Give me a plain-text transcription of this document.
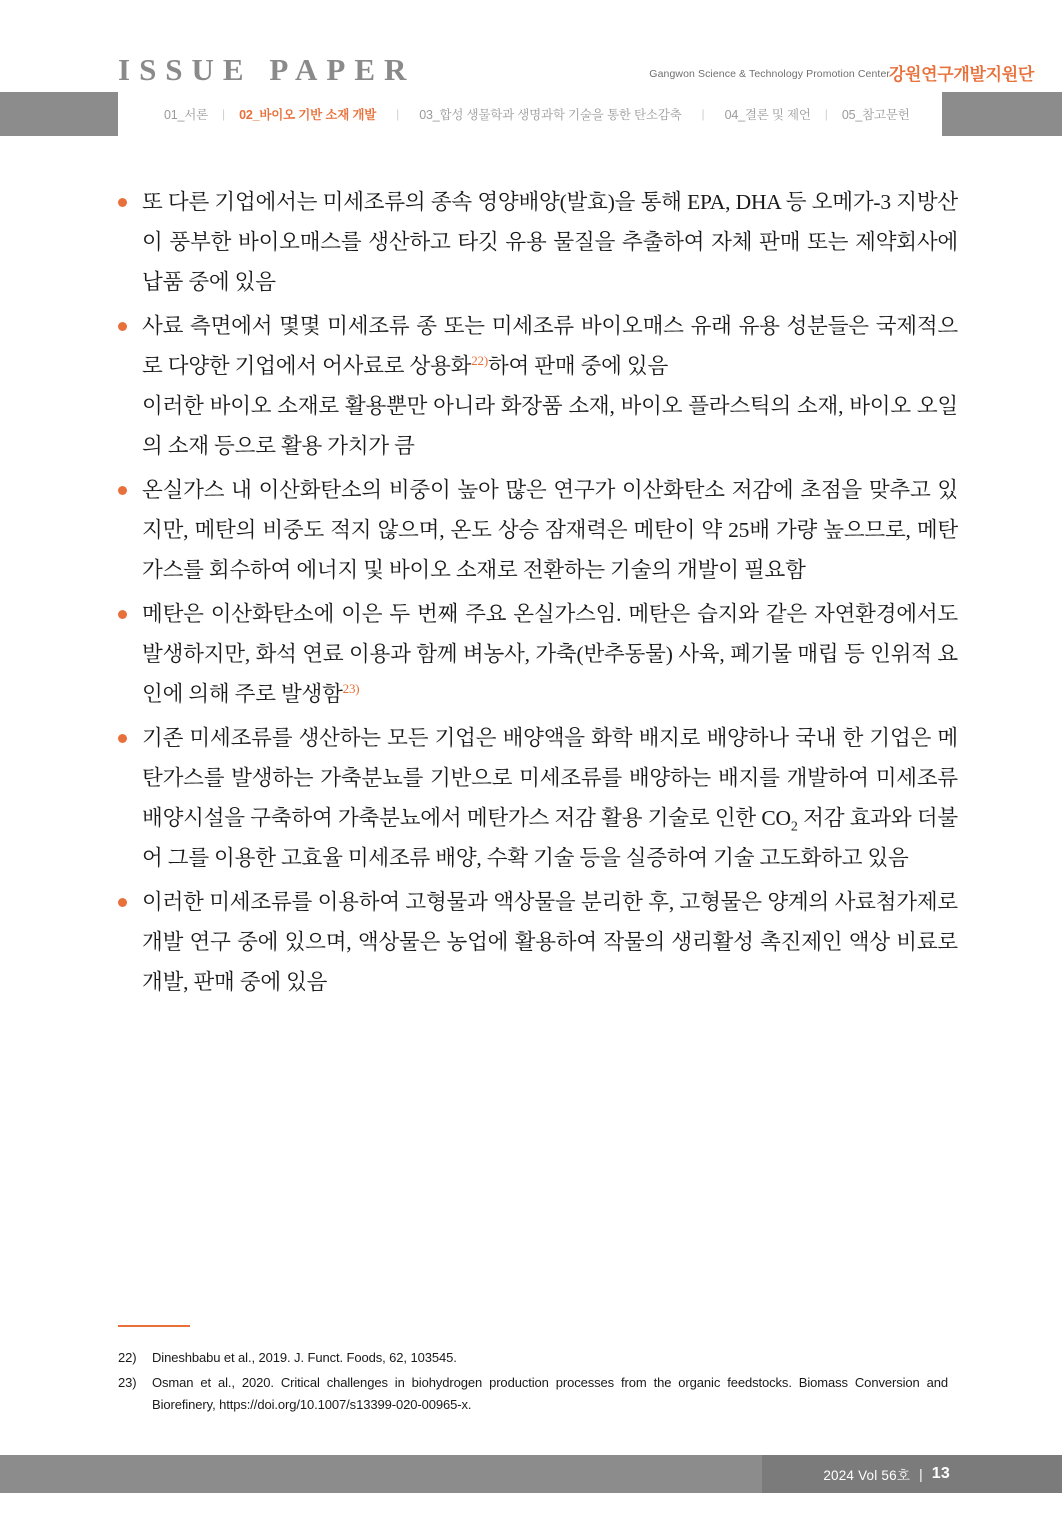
ISSUE PAPER	Gangwon Science & Technology Promotion Center
강원연구개발지원단
01_서론 | 02_바이오 기반 소재 개발 | 03_합성 생물학과 생명과학 기술을 통한 탄소감축 | 04_결론 및 제언 | 05_참고문헌
또 다른 기업에서는 미세조류의 종속 영양배양(발효)을 통해 EPA, DHA 등 오메가-3 지방산이 풍부한 바이오매스를 생산하고 타깃 유용 물질을 추출하여 자체 판매 또는 제약회사에 납품 중에 있음
사료 측면에서 몇몇 미세조류 종 또는 미세조류 바이오매스 유래 유용 성분들은 국제적으로 다양한 기업에서 어사료로 상용화$^{22)}$하여 판매 중에 있음
이러한 바이오 소재로 활용뿐만 아니라 화장품 소재, 바이오 플라스틱의 소재, 바이오 오일의 소재 등으로 활용 가치가 큼
온실가스 내 이산화탄소의 비중이 높아 많은 연구가 이산화탄소 저감에 초점을 맞추고 있지만, 메탄의 비중도 적지 않으며, 온도 상승 잠재력은 메탄이 약 25배 가량 높으므로, 메탄가스를 회수하여 에너지 및 바이오 소재로 전환하는 기술의 개발이 필요함
메탄은 이산화탄소에 이은 두 번째 주요 온실가스임. 메탄은 습지와 같은 자연환경에서도 발생하지만, 화석 연료 이용과 함께 벼농사, 가축(반추동물) 사육, 폐기물 매립 등 인위적 요인에 의해 주로 발생함$^{23)}$
기존 미세조류를 생산하는 모든 기업은 배양액을 화학 배지로 배양하나 국내 한 기업은 메탄가스를 발생하는 가축분뇨를 기반으로 미세조류를 배양하는 배지를 개발하여 미세조류 배양시설을 구축하여 가축분뇨에서 메탄가스 저감 활용 기술로 인한 $CO_2$ 저감 효과와 더불어 그를 이용한 고효율 미세조류 배양, 수확 기술 등을 실증하여 기술 고도화하고 있음
이러한 미세조류를 이용하여 고형물과 액상물을 분리한 후, 고형물은 양계의 사료첨가제로 개발 연구 중에 있으며, 액상물은 농업에 활용하여 작물의 생리활성 촉진제인 액상 비료로 개발, 판매 중에 있음
22)	Dineshbabu et al., 2019. J. Funct. Foods, 62, 103545.
23)	Osman et al., 2020. Critical challenges in biohydrogen production processes from the organic feedstocks. Biomass Conversion and Biorefinery, https://doi.org/10.1007/s13399-020-00965-x.
2024 Vol 56호 | 13
